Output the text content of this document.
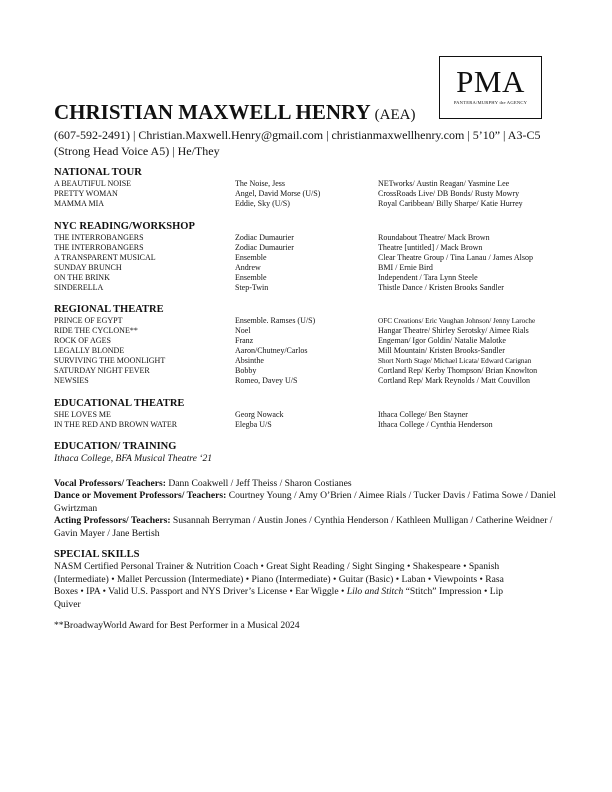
PMA
PANTERA/MURPHY the AGENCY
CHRISTIAN MAXWELL HENRY (AEA)
(607-592-2491) | Christian.Maxwell.Henry@gmail.com | christianmaxwellhenry.com | 5’10” | A3-C5
(Strong Head Voice A5) | He/They
NATIONAL TOUR
A BEAUTIFUL NOISE	The Noise, Jess	NETworks/ Austin Reagan/ Yasmine Lee
PRETTY WOMAN	Angel, David Morse (U/S)	CrossRoads Live/ DB Bonds/ Rusty Mowry
MAMMA MIA	Eddie, Sky (U/S)	Royal Caribbean/ Billy Sharpe/ Katie Hurrey
NYC READING/WORKSHOP
THE INTERROBANGERS	Zodiac Dumaurier	Roundabout Theatre/ Mack Brown
THE INTERROBANGERS	Zodiac Dumaurier	Theatre [untitled] / Mack Brown
A TRANSPARENT MUSICAL	Ensemble	Clear Theatre Group / Tina Lanau / James Alsop
SUNDAY BRUNCH	Andrew	BMI / Ernie Bird
ON THE BRINK	Ensemble	Independent / Tara Lynn Steele
SINDERELLA	Step-Twin	Thistle Dance / Kristen Brooks Sandler
REGIONAL THEATRE
PRINCE OF EGYPT	Ensemble. Ramses (U/S)	OFC Creations/ Eric Vaughan Johnson/ Jenny Laroche
RIDE THE CYCLONE**	Noel	Hangar Theatre/ Shirley Serotsky/ Aimee Rials
ROCK OF AGES	Franz	Engeman/ Igor Goldin/ Natalie Malotke
LEGALLY BLONDE	Aaron/Chutney/Carlos	Mill Mountain/ Kristen Brooks-Sandler
SURVIVING THE MOONLIGHT	Absinthe	Short North Stage/ Michael Licata/ Edward Carignan
SATURDAY NIGHT FEVER	Bobby	Cortland Rep/ Kerby Thompson/ Brian Knowlton
NEWSIES	Romeo, Davey U/S	Cortland Rep/ Mark Reynolds / Matt Couvillon
EDUCATIONAL THEATRE
SHE LOVES ME	Georg Nowack	Ithaca College/ Ben Stayner
IN THE RED AND BROWN WATER	Elegba U/S	Ithaca College / Cynthia Henderson
EDUCATION/ TRAINING
Ithaca College, BFA Musical Theatre ‘21
Vocal Professors/ Teachers: Dann Coakwell / Jeff Theiss / Sharon Costianes
Dance or Movement Professors/ Teachers: Courtney Young / Amy O’Brien / Aimee Rials / Tucker Davis / Fatima Sowe / Daniel Gwirtzman
Acting Professors/ Teachers: Susannah Berryman / Austin Jones / Cynthia Henderson / Kathleen Mulligan / Catherine Weidner / Gavin Mayer / Jane Bertish
SPECIAL SKILLS
NASM Certified Personal Trainer & Nutrition Coach • Great Sight Reading / Sight Singing • Shakespeare • Spanish (Intermediate) • Mallet Percussion (Intermediate) • Piano (Intermediate) • Guitar (Basic) • Laban • Viewpoints • Rasa Boxes • IPA • Valid U.S. Passport and NYS Driver’s License • Ear Wiggle • Lilo and Stitch “Stitch” Impression • Lip Quiver
**BroadwayWorld Award for Best Performer in a Musical 2024
